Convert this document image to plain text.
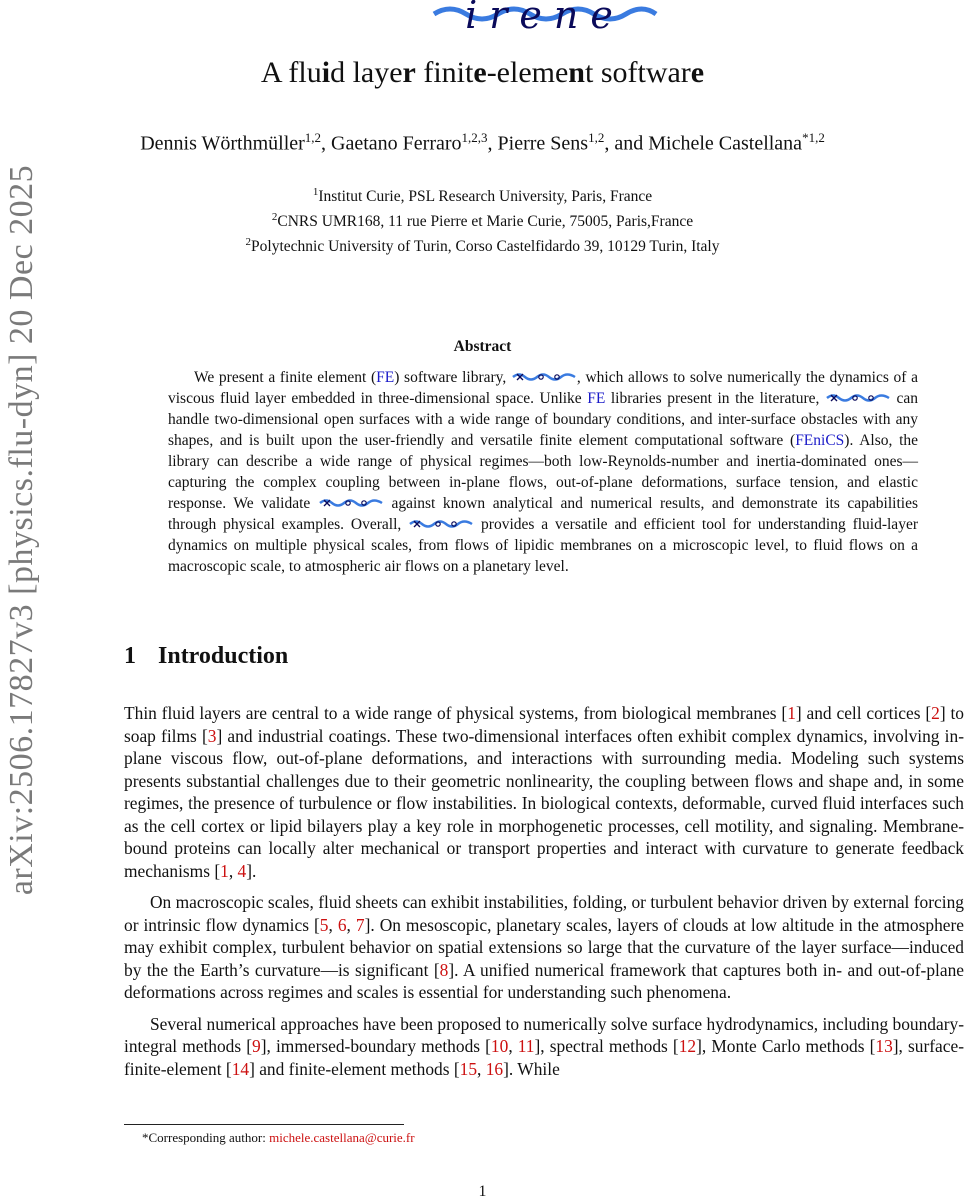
arXiv:2506.17827v3 [physics.flu-dyn] 20 Dec 2025
irene
A fluid layer finite-element software
Dennis Wörthmüller$^{1,2}$, Gaetano Ferraro$^{1,2,3}$, Pierre Sens$^{1,2}$, and Michele Castellana$^{*1,2}$
$^1$Institut Curie, PSL Research University, Paris, France
$^2$CNRS UMR168, 11 rue Pierre et Marie Curie, 75005, Paris,France
$^2$Polytechnic University of Turin, Corso Castelfidardo 39, 10129 Turin, Italy
Abstract
We present a finite element (FE) software library,	, which allows to solve numerically the dynamics of a viscous fluid layer embedded in three-dimensional space. Unlike FE libraries present in the literature,	can handle two-dimensional open surfaces with a wide range of boundary conditions, and inter-surface obstacles with any shapes, and is built upon the user-friendly and versatile finite element computational software (FEniCS). Also, the library can describe a wide range of physical regimes—both low-Reynolds-number and inertia-dominated ones—capturing the complex coupling between in-plane flows, out-of-plane deformations, surface tension, and elastic response. We validate	against known analytical and numerical results, and demonstrate its capabilities through physical examples. Overall,	provides a versatile and efficient tool for understanding fluid-layer dynamics on multiple physical scales, from flows of lipidic membranes on a microscopic level, to fluid flows on a macroscopic scale, to atmospheric air flows on a planetary level.
1 Introduction

Thin fluid layers are central to a wide range of physical systems, from biological membranes [1] and cell cortices [2] to soap films [3] and industrial coatings. These two-dimensional interfaces often exhibit complex dynamics, involving in-plane viscous flow, out-of-plane deformations, and interactions with surrounding media. Modeling such systems presents substantial challenges due to their geometric nonlinearity, the coupling between flows and shape and, in some regimes, the presence of turbulence or flow instabilities. In biological contexts, deformable, curved fluid interfaces such as the cell cortex or lipid bilayers play a key role in morphogenetic processes, cell motility, and signaling. Membrane-bound proteins can locally alter mechanical or transport properties and interact with curvature to generate feedback mechanisms [1, 4].

On macroscopic scales, fluid sheets can exhibit instabilities, folding, or turbulent behavior driven by external forcing or intrinsic flow dynamics [5, 6, 7]. On mesoscopic, planetary scales, layers of clouds at low altitude in the atmosphere may exhibit complex, turbulent behavior on spatial extensions so large that the curvature of the layer surface—induced by the the Earth’s curvature—is significant [8]. A unified numerical framework that captures both in- and out-of-plane deformations across regimes and scales is essential for understanding such phenomena.

Several numerical approaches have been proposed to numerically solve surface hydrodynamics, including boundary-integral methods [9], immersed-boundary methods [10, 11], spectral methods [12], Monte Carlo methods [13], surface-finite-element [14] and finite-element methods [15, 16]. While

*Corresponding author: michele.castellana@curie.fr
1
